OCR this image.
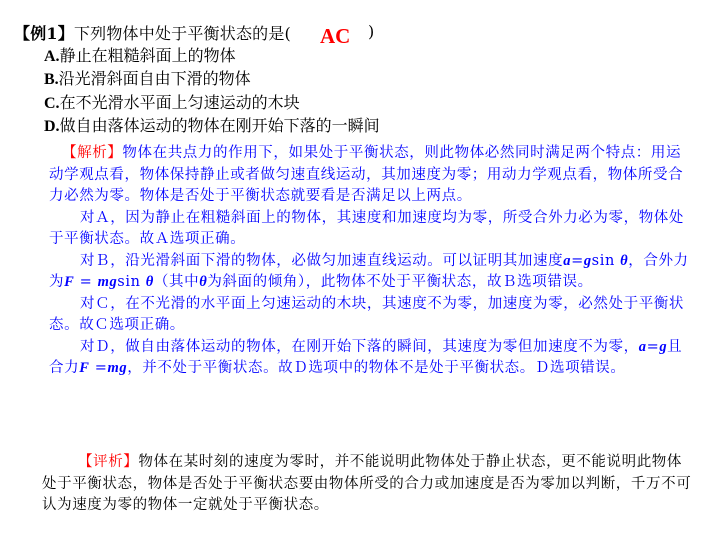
【例1】下列物体中处于平衡状态的是( AC )
A.静止在粗糙斜面上的物体
B.沿光滑斜面自由下滑的物体
C.在不光滑水平面上匀速运动的木块
D.做自由落体运动的物体在刚开始下落的一瞬间

【解析】物体在共点力的作用下，如果处于平衡状态，则此物体必然同时满足两个特点：用运动学观点看，物体保持静止或者做匀速直线运动，其加速度为零；用动力学观点看，物体所受合力必然为零。物体是否处于平衡状态就要看是否满足以上两点。

对Ａ，因为静止在粗糙斜面上的物体，其速度和加速度均为零，所受合外力必为零，物体处于平衡状态。故Ａ选项正确。

对Ｂ，沿光滑斜面下滑的物体，必做匀加速直线运动。可以证明其加速度a=gsin θ，合外力为F = mgsin θ（其中θ为斜面的倾角），此物体不处于平衡状态，故Ｂ选项错误。

对Ｃ，在不光滑的水平面上匀速运动的木块，其速度不为零，加速度为零，必然处于平衡状态。故Ｃ选项正确。

对Ｄ，做自由落体运动的物体，在刚开始下落的瞬间，其速度为零但加速度不为零，a=g且合力F =mg，并不处于平衡状态。故Ｄ选项中的物体不是处于平衡状态。Ｄ选项错误。

【评析】物体在某时刻的速度为零时，并不能说明此物体处于静止状态，更不能说明此物体处于平衡状态，物体是否处于平衡状态要由物体所受的合力或加速度是否为零加以判断，千万不可认为速度为零的物体一定就处于平衡状态。
